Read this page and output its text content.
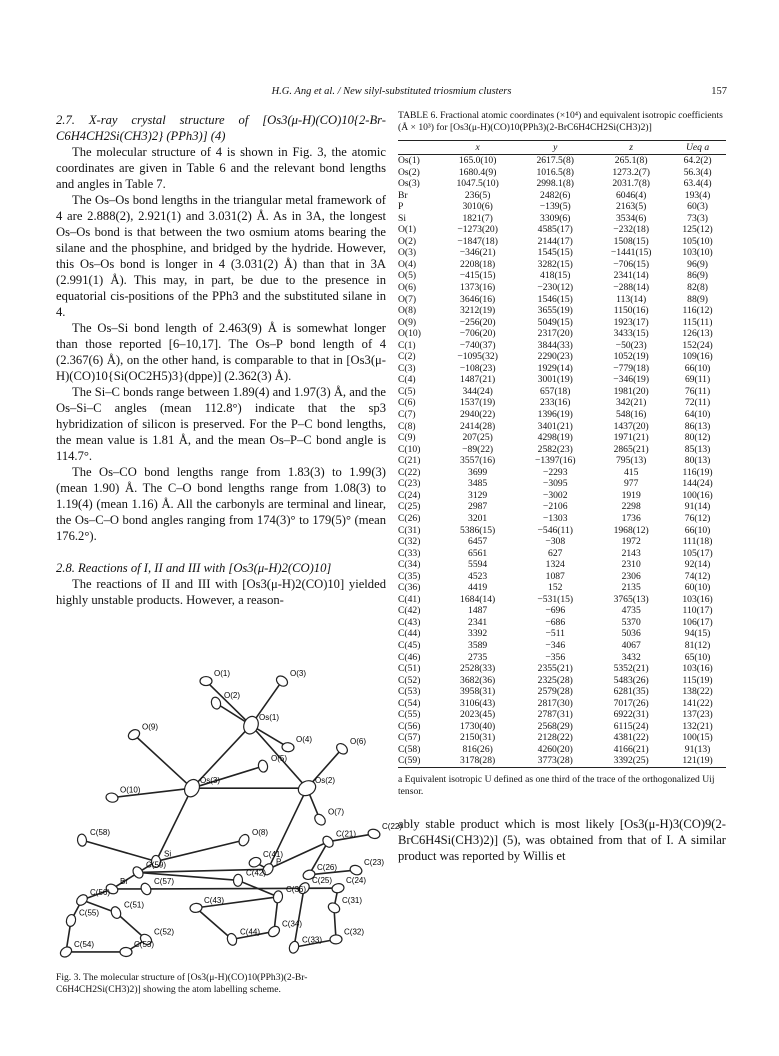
H.G. Ang et al. / New silyl-substituted triosmium clusters	157
2.7. X-ray crystal structure of [Os3(μ-H)(CO)10{2-Br-C6H4CH2Si(CH3)2} (PPh3)] (4)

The molecular structure of 4 is shown in Fig. 3, the atomic coordinates are given in Table 6 and the relevant bond lengths and angles in Table 7.

The Os–Os bond lengths in the triangular metal framework of 4 are 2.888(2), 2.921(1) and 3.031(2) Å. As in 3A, the longest Os–Os bond is that between the two osmium atoms bearing the silane and the phosphine, and bridged by the hydride. However, this Os–Os bond is longer in 4 (3.031(2) Å) than that in 3A (2.991(1) Å). This may, in part, be due to the presence in equatorial cis-positions of the PPh3 and the substituted silane in 4.

The Os–Si bond length of 2.463(9) Å is somewhat longer than those reported [6–10,17]. The Os–P bond length of 4 (2.367(6) Å), on the other hand, is comparable to that in [Os3(μ-H)(CO)10{Si(OC2H5)3}(dppe)] (2.362(3) Å).

The Si–C bonds range between 1.89(4) and 1.97(3) Å, and the Os–Si–C angles (mean 112.8°) indicate that the sp3 hybridization of silicon is preserved. For the P–C bond lengths, the mean value is 1.81 Å, and the mean Os–P–C bond angle is 114.7°.

The Os–CO bond lengths range from 1.83(3) to 1.99(3) (mean 1.90) Å. The C–O bond lengths range from 1.08(3) to 1.19(4) (mean 1.16) Å. All the carbonyls are terminal and linear, the Os–C–O bond angles ranging from 174(3)° to 179(5)° (mean 176.2°).

2.8. Reactions of I, II and III with [Os3(μ-H)2(CO)10]

The reactions of II and III with [Os3(μ-H)2(CO)10] yielded highly unstable products. However, a reason-

O(1)	O(3)
O(2)
Os(1)
O(9)
O(4)	O(6)
O(5)
Os(3)	Os(2)
O(10)
O(7)
C(58)	O(8)
C(41)
C(22)
C(21)
Si
P
C(26)
C(23)
C(59)
C(42)
C(25) C(24)
Br	C(57)
C(36)
C(56)
C(43)	C(31)
C(51)
C(55)
C(34)
C(32)
C(52)	C(44)
C(33)
C(54)	C(53)
Fig. 3. The molecular structure of [Os3(μ-H)(CO)10(PPh3)(2-Br-C6H4CH2Si(CH3)2)] showing the atom labelling scheme.
TABLE 6. Fractional atomic coordinates (×10⁴) and equivalent isotropic coefficients (Å × 10³) for [Os3(μ-H)(CO)10(PPh3)(2-BrC6H4CH2Si(CH3)2)]
	x	y	z	Ueq a
Os(1)	165.0(10)	2617.5(8)	265.1(8)	64.2(2)
Os(2)	1680.4(9)	1016.5(8)	1273.2(7)	56.3(4)
Os(3)	1047.5(10)	2998.1(8)	2031.7(8)	63.4(4)
Br	236(5)	2482(6)	6046(4)	193(4)
P	3010(6)	−139(5)	2163(5)	60(3)
Si	1821(7)	3309(6)	3534(6)	73(3)
O(1)	−1273(20)	4585(17)	−232(18)	125(12)
O(2)	−1847(18)	2144(17)	1508(15)	105(10)
O(3)	−346(21)	1545(15)	−1441(15)	103(10)
O(4)	2208(18)	3282(15)	−706(15)	96(9)
O(5)	−415(15)	418(15)	2341(14)	86(9)
O(6)	1373(16)	−230(12)	−288(14)	82(8)
O(7)	3646(16)	1546(15)	113(14)	88(9)
O(8)	3212(19)	3655(19)	1150(16)	116(12)
O(9)	−256(20)	5049(15)	1923(17)	115(11)
O(10)	−706(20)	2317(20)	3433(15)	126(13)
C(1)	−740(37)	3844(33)	−50(23)	152(24)
C(2)	−1095(32)	2290(23)	1052(19)	109(16)
C(3)	−108(23)	1929(14)	−779(18)	66(10)
C(4)	1487(21)	3001(19)	−346(19)	69(11)
C(5)	344(24)	657(18)	1981(20)	76(11)
C(6)	1537(19)	233(16)	342(21)	72(11)
C(7)	2940(22)	1396(19)	548(16)	64(10)
C(8)	2414(28)	3401(21)	1437(20)	86(13)
C(9)	207(25)	4298(19)	1971(21)	80(12)
C(10)	−89(22)	2582(23)	2865(21)	85(13)
C(21)	3557(16)	−1397(16)	795(13)	80(13)
C(22)	3699	−2293	415	116(19)
C(23)	3485	−3095	977	144(24)
C(24)	3129	−3002	1919	100(16)
C(25)	2987	−2106	2298	91(14)
C(26)	3201	−1303	1736	76(12)
C(31)	5386(15)	−546(11)	1968(12)	66(10)
C(32)	6457	−308	1972	111(18)
C(33)	6561	627	2143	105(17)
C(34)	5594	1324	2310	92(14)
C(35)	4523	1087	2306	74(12)
C(36)	4419	152	2135	60(10)
C(41)	1684(14)	−531(15)	3765(13)	103(16)
C(42)	1487	−696	4735	110(17)
C(43)	2341	−686	5370	106(17)
C(44)	3392	−511	5036	94(15)
C(45)	3589	−346	4067	81(12)
C(46)	2735	−356	3432	65(10)
C(51)	2528(33)	2355(21)	5352(21)	103(16)
C(52)	3682(36)	2325(28)	5483(26)	115(19)
C(53)	3958(31)	2579(28)	6281(35)	138(22)
C(54)	3106(43)	2817(30)	7017(26)	141(22)
C(55)	2023(45)	2787(31)	6922(31)	137(23)
C(56)	1730(40)	2568(29)	6115(24)	132(21)
C(57)	2150(31)	2128(22)	4381(22)	100(15)
C(58)	816(26)	4260(20)	4166(21)	91(13)
C(59)	3178(28)	3773(28)	3392(25)	121(19)
a Equivalent isotropic U defined as one third of the trace of the orthogonalized Uij tensor.
ably stable product which is most likely [Os3(μ-H)3(CO)9(2-BrC6H4Si(CH3)2)] (5), was obtained from that of I. A similar product was reported by Willis et
